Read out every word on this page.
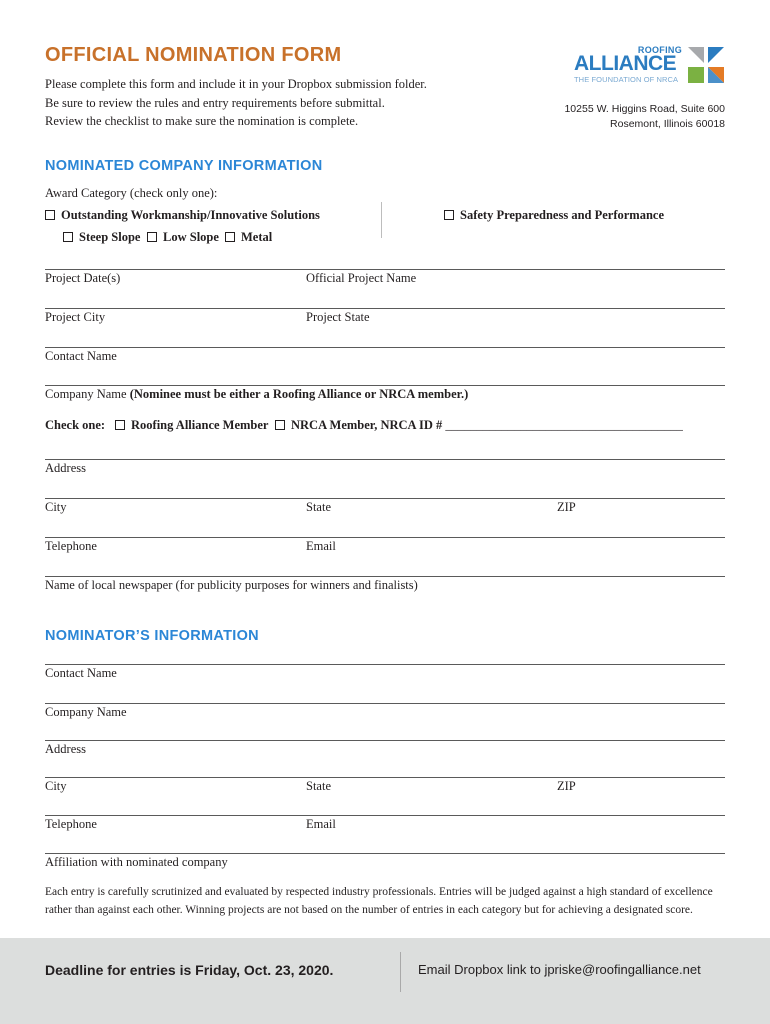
OFFICIAL NOMINATION FORM
Please complete this form and include it in your Dropbox submission folder.
Be sure to review the rules and entry requirements before submittal.
Review the checklist to make sure the nomination is complete.
ROOFING
ALLIANCE
THE FOUNDATION OF NRCA
10255 W. Higgins Road, Suite 600
Rosemont, Illinois 60018
NOMINATED COMPANY INFORMATION
Award Category (check only one):
Outstanding Workmanship/Innovative Solutions	Safety Preparedness and Performance
Steep Slope	Low Slope	Metal
Project Date(s)	Official Project Name
Project City	Project State
Contact Name
Company Name (Nominee must be either a Roofing Alliance or NRCA member.)
Check one:	Roofing Alliance Member	NRCA Member, NRCA ID # ______________________________________
Address
City	State	ZIP
Telephone	Email
Name of local newspaper (for publicity purposes for winners and finalists)
NOMINATOR’S INFORMATION
Contact Name
Company Name
Address
City	State	ZIP
Telephone	Email
Affiliation with nominated company
Each entry is carefully scrutinized and evaluated by respected industry professionals. Entries will be judged against a high standard of excellence rather than against each other. Winning projects are not based on the number of entries in each category but for achieving a designated score.
Deadline for entries is Friday, Oct. 23, 2020.	Email Dropbox link to jpriske@roofingalliance.net
